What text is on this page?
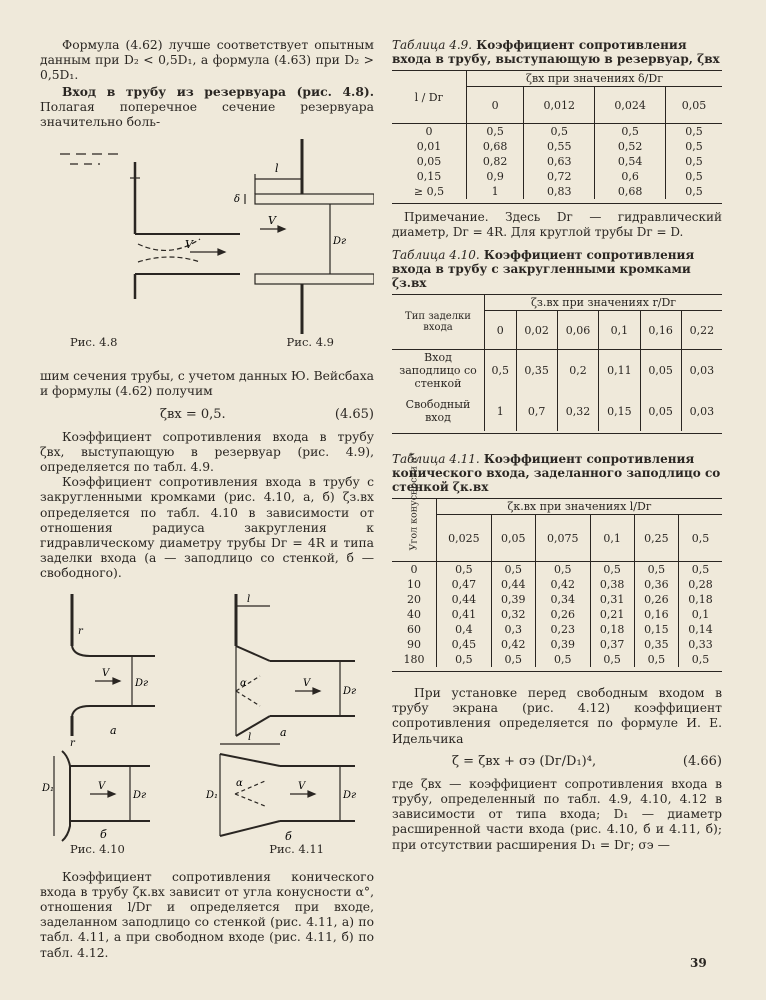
Формула (4.62) лучше соответствует опытным данным при D₂ < 0,5D₁, а формула (4.63) при D₂ > 0,5D₁.

Вход в трубу из резервуара (рис. 4.8). Полагая поперечное сечение резервуара значительно боль-

V
l
δ
V
Dг
Рис. 4.8	Рис. 4.9

шим сечения трубы, с учетом данных Ю. Вейсбаха и формулы (4.62) получим

ζвх = 0,5.	(4.65)

Коэффициент сопротивления входа в трубу ζвх, выступающую в резервуар (рис. 4.9), определяется по табл. 4.9.

Коэффициент сопротивления входа в трубу с закругленными кромками (рис. 4.10, а, б) ζз.вх определяется по табл. 4.10 в зависимости от отношения радиуса закругления к гидравлическому диаметру трубы Dг = 4R и типа заделки входа (а — заподлицо со стенкой, б — свободного).

r
V
Dг
а
r
D₁	V
Dг
б
l
α	V
Dг
а
l
D₁
α	V
Dг
б
Рис. 4.10	Рис. 4.11

Коэффициент сопротивления конического входа в трубу ζк.вх зависит от угла конусности α°, отношения l/Dг и определяется при входе, заделанном заподлицо со стенкой (рис. 4.11, а) по табл. 4.11, а при свободном входе (рис. 4.11, б) по табл. 4.12.

Таблица 4.9. Коэффициент сопротивления входа в трубу, выступающую в резервуар, ζвх
l / Dг	ζвх при значениях δ/Dг			
	0	0,012	0,024	0,05
0	0,5	0,5	0,5	0,5
0,01	0,68	0,55	0,52	0,5
0,05	0,82	0,63	0,54	0,5
0,15	0,9	0,72	0,6	0,5
≥ 0,5	1	0,83	0,68	0,5

Примечание. Здесь Dг — гидравлический диаметр, Dг = 4R. Для круглой трубы Dг = D.

Таблица 4.10. Коэффициент сопротивления входа в трубу с закругленными кромками ζз.вх
Тип заделки входа	ζз.вх при значениях r/Dг					
	0	0,02	0,06	0,1	0,16	0,22
Вход заподлицо со стенкой	0,5	0,35	0,2	0,11	0,05	0,03
Свободный вход	1	0,7	0,32	0,15	0,05	0,03
Таблица 4.11. Коэффициент сопротивления конического входа, заделанного заподлицо со стенкой ζк.вх
Угол конусности α°	ζк.вх при значениях l/Dг					
	0,025	0,05	0,075	0,1	0,25	0,5
0	0,5	0,5	0,5	0,5	0,5	0,5
10	0,47	0,44	0,42	0,38	0,36	0,28
20	0,44	0,39	0,34	0,31	0,26	0,18
40	0,41	0,32	0,26	0,21	0,16	0,1
60	0,4	0,3	0,23	0,18	0,15	0,14
90	0,45	0,42	0,39	0,37	0,35	0,33
180	0,5	0,5	0,5	0,5	0,5	0,5

При установке перед свободным входом в трубу экрана (рис. 4.12) коэффициент сопротивления определяется по формуле И. Е. Идельчика

ζ = ζвх + σэ (Dг/D₁)⁴,	(4.66)

где ζвх — коэффициент сопротивления входа в трубу, определенный по табл. 4.9, 4.10, 4.12 в зависимости от типа входа; D₁ — диаметр расширенной части входа (рис. 4.10, б и 4.11, б); при отсутствии расширения D₁ = Dг; σэ —

39
